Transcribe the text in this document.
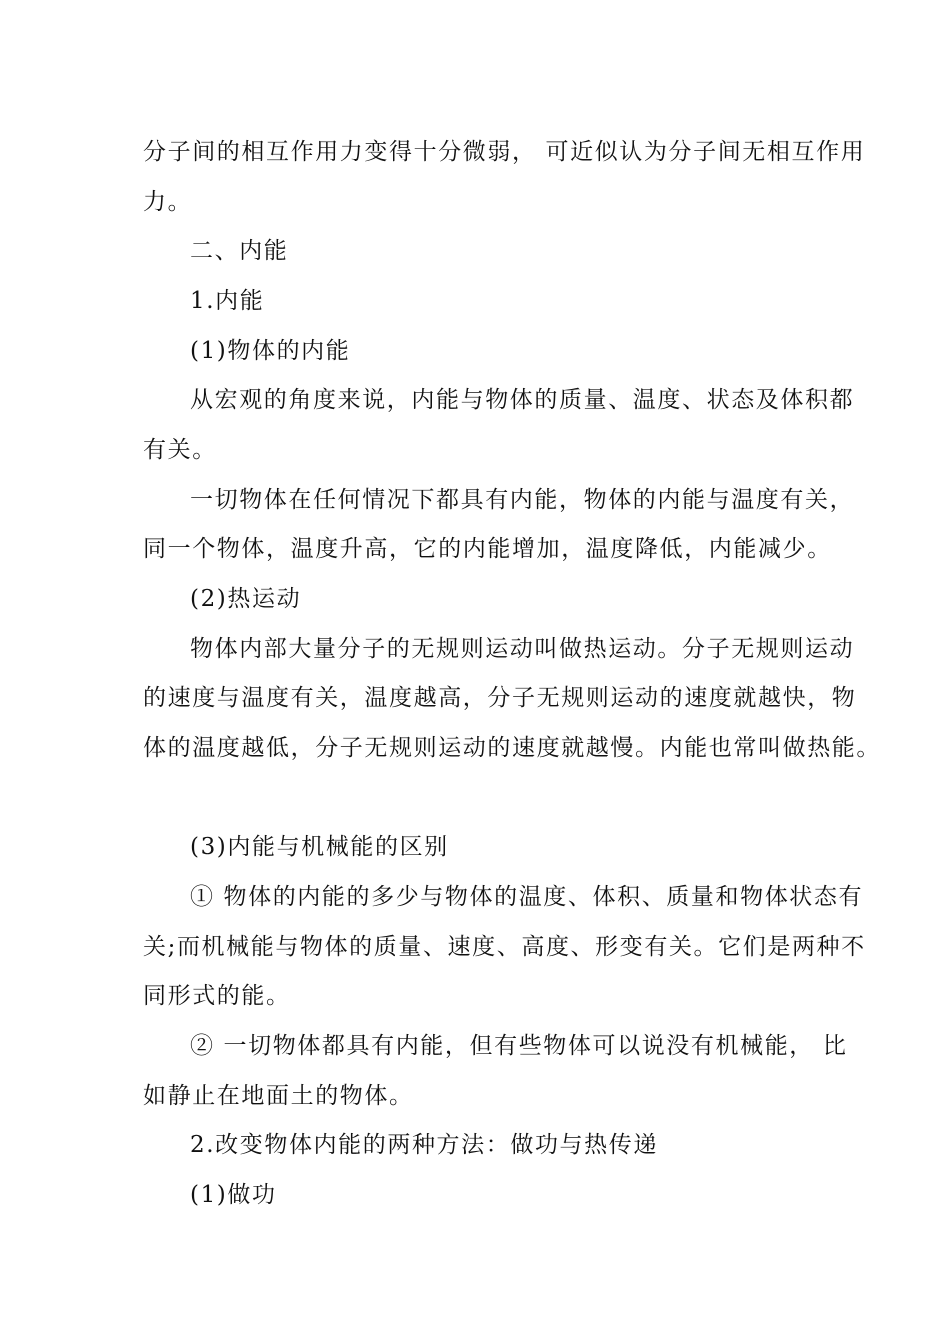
分子间的相互作用力变得十分微弱， 可近似认为分子间无相互作用
力。
二、内能
1.内能
(1)物体的内能
从宏观的角度来说，内能与物体的质量、温度、状态及体积都
有关。
一切物体在任何情况下都具有内能，物体的内能与温度有关，
同一个物体，温度升高，它的内能增加，温度降低，内能减少。
(2)热运动
物体内部大量分子的无规则运动叫做热运动。分子无规则运动
的速度与温度有关，温度越高，分子无规则运动的速度就越快，物
体的温度越低，分子无规则运动的速度就越慢。内能也常叫做热能。
(3)内能与机械能的区别
① 物体的内能的多少与物体的温度、体积、质量和物体状态有
关;而机械能与物体的质量、速度、高度、形变有关。它们是两种不
同形式的能。
② 一切物体都具有内能，但有些物体可以说没有机械能， 比
如静止在地面土的物体。
2.改变物体内能的两种方法：做功与热传递
(1)做功
